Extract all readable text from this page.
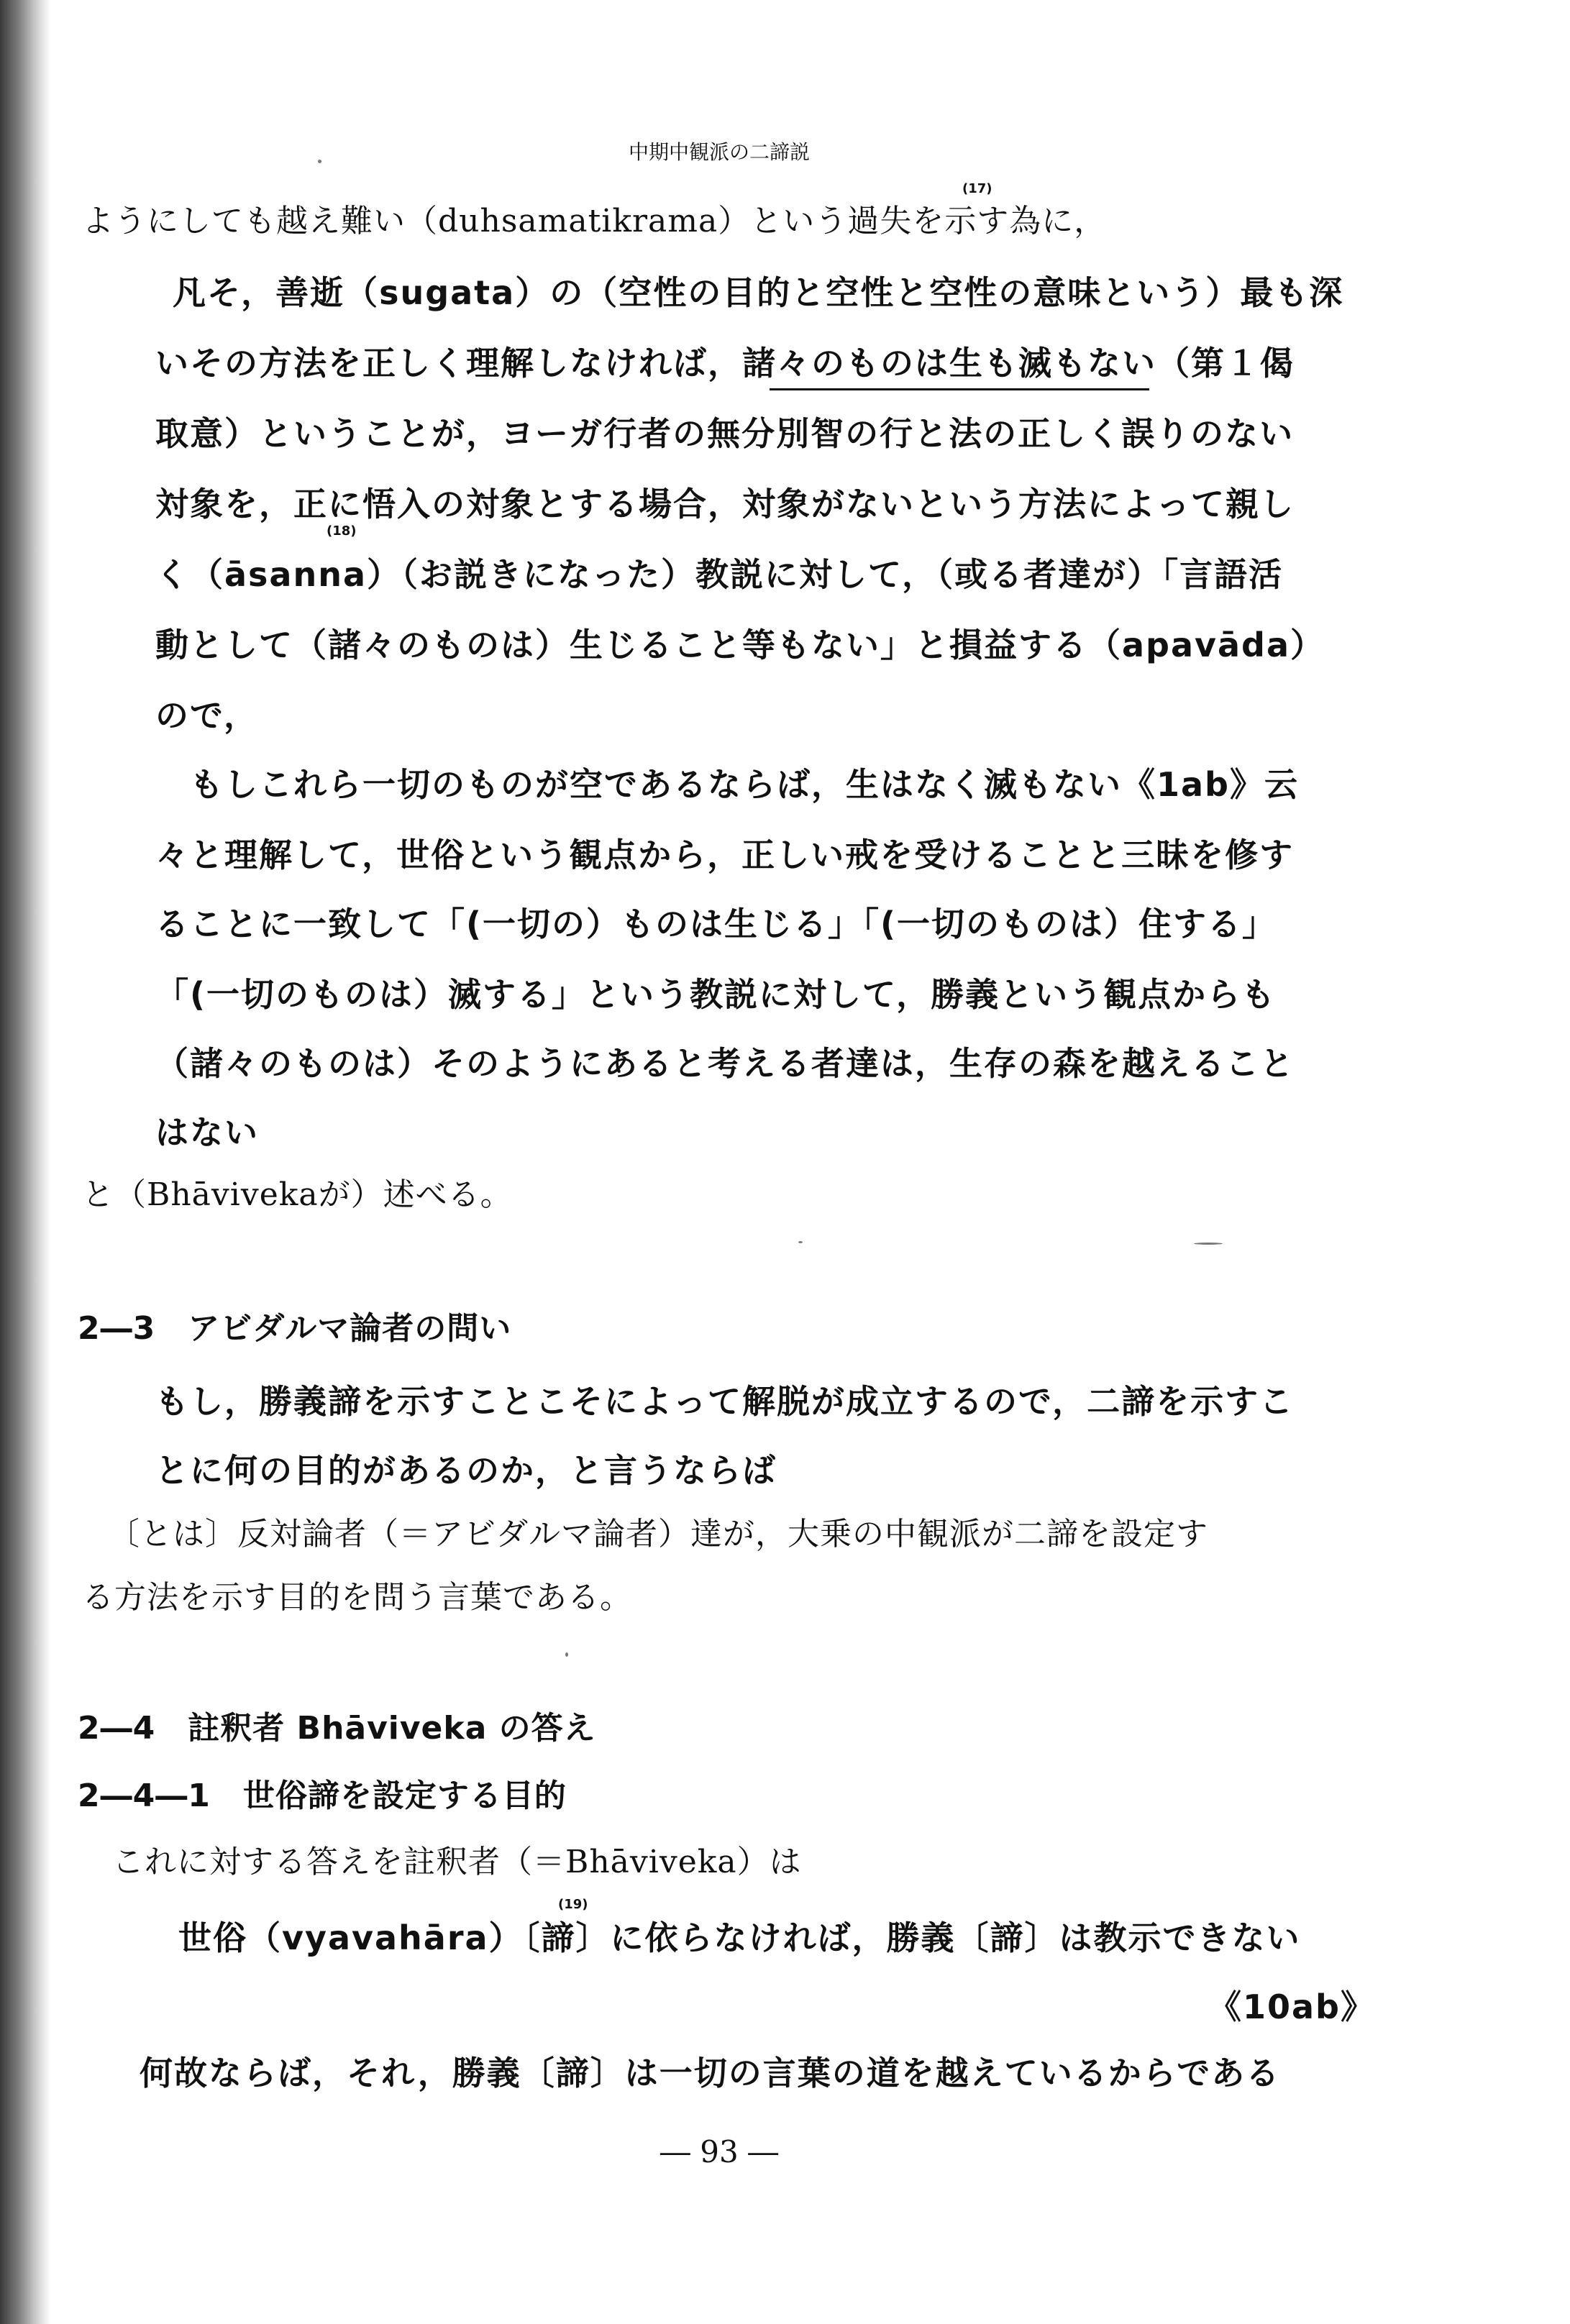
中期中観派の二諦説
ようにしても越え難い（duhsamatikrama）という過失を示す為に，
(17)
凡そ，善逝（sugata）の（空性の目的と空性と空性の意味という）最も深
いその方法を正しく理解しなければ，諸々のものは生も滅もない（第１偈
取意）ということが，ヨーガ行者の無分別智の行と法の正しく誤りのない
対象を，正に悟入の対象とする場合，対象がないという方法によって親し
(18)
く（āsanna）（お説きになった）教説に対して，（或る者達が）「言語活
動として（諸々のものは）生じること等もない」と損益する（apavāda）
ので，
もしこれら一切のものが空であるならば，生はなく滅もない《1ab》云
々と理解して，世俗という観点から，正しい戒を受けることと三昧を修す
ることに一致して「(一切の）ものは生じる」「(一切のものは）住する」
「(一切のものは）滅する」という教説に対して，勝義という観点からも
（諸々のものは）そのようにあると考える者達は，生存の森を越えること
はない
と（Bhāvivekaが）述べる。
2―3　アビダルマ論者の問い
もし，勝義諦を示すことこそによって解脱が成立するので，二諦を示すこ
とに何の目的があるのか，と言うならば
〔とは〕反対論者（＝アビダルマ論者）達が，大乗の中観派が二諦を設定す
る方法を示す目的を問う言葉である。
2―4　註釈者 Bhāviveka の答え
2―4―1　世俗諦を設定する目的
これに対する答えを註釈者（＝Bhāviveka）は
(19)
世俗（vyavahāra）〔諦〕に依らなければ，勝義〔諦〕は教示できない
《10ab》
何故ならば，それ，勝義〔諦〕は一切の言葉の道を越えているからである
― 93 ―
